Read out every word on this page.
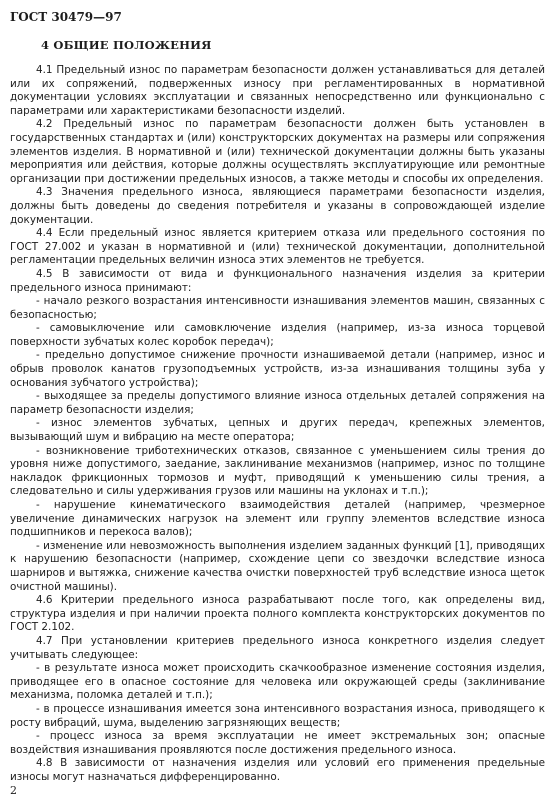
ГОСТ 30479—97
4 ОБЩИЕ ПОЛОЖЕНИЯ

4.1 Предельный износ по параметрам безопасности должен устанавливаться для деталей или их сопряжений, подверженных износу при регламентированных в нормативной документации условиях эксплуатации и связанных непосредственно или функционально с параметрами или характеристиками безопасности изделий.

4.2 Предельный износ по параметрам безопасности должен быть установлен в государственных стандартах и (или) конструкторских документах на размеры или сопряжения элементов изделия. В нормативной и (или) технической документации должны быть указаны мероприятия или действия, которые должны осуществлять эксплуатирующие или ремонтные организации при достижении предельных износов, а также методы и способы их определения.

4.3 Значения предельного износа, являющиеся параметрами безопасности изделия, должны быть доведены до сведения потребителя и указаны в сопровождающей изделие документации.

4.4 Если предельный износ является критерием отказа или предельного состояния по ГОСТ 27.002 и указан в нормативной и (или) технической документации, дополнительной регламентации предельных величин износа этих элементов не требуется.

4.5 В зависимости от вида и функционального назначения изделия за критерии предельного износа принимают:

- начало резкого возрастания интенсивности изнашивания элементов машин, связанных с безопасностью;

- самовыключение или самовключение изделия (например, из-за износа торцевой поверхности зубчатых колес коробок передач);

- предельно допустимое снижение прочности изнашиваемой детали (например, износ и обрыв проволок канатов грузоподъемных устройств, из-за изнашивания толщины зуба у основания зубчатого устройства);

- выходящее за пределы допустимого влияние износа отдельных деталей сопряжения на параметр безопасности изделия;

- износ элементов зубчатых, цепных и других передач, крепежных элементов, вызывающий шум и вибрацию на месте оператора;

- возникновение триботехнических отказов, связанное с уменьшением силы трения до уровня ниже допустимого, заедание, заклинивание механизмов (например, износ по толщине накладок фрикционных тормозов и муфт, приводящий к уменьшению силы трения, а следовательно и силы удерживания грузов или машины на уклонах и т.п.);

- нарушение кинематического взаимодействия деталей (например, чрезмерное увеличение динамических нагрузок на элемент или группу элементов вследствие износа подшипников и перекоса валов);

- изменение или невозможность выполнения изделием заданных функций [1], приводящих к нарушению безопасности (например, схождение цепи со звездочки вследствие износа шарниров и вытяжка, снижение качества очистки поверхностей труб вследствие износа щеток очистной машины).

4.6 Критерии предельного износа разрабатывают после того, как определены вид, структура изделия и при наличии проекта полного комплекта конструкторских документов по ГОСТ 2.102.

4.7 При установлении критериев предельного износа конкретного изделия следует учитывать следующее:

- в результате износа может происходить скачкообразное изменение состояния изделия, приводящее его в опасное состояние для человека или окружающей среды (заклинивание механизма, поломка деталей и т.п.);

- в процессе изнашивания имеется зона интенсивного возрастания износа, приводящего к росту вибраций, шума, выделению загрязняющих веществ;

- процесс износа за время эксплуатации не имеет экстремальных зон; опасные воздействия изнашивания проявляются после достижения предельного износа.

4.8 В зависимости от назначения изделия или условий его применения предельные износы могут назначаться дифференцированно.

2
